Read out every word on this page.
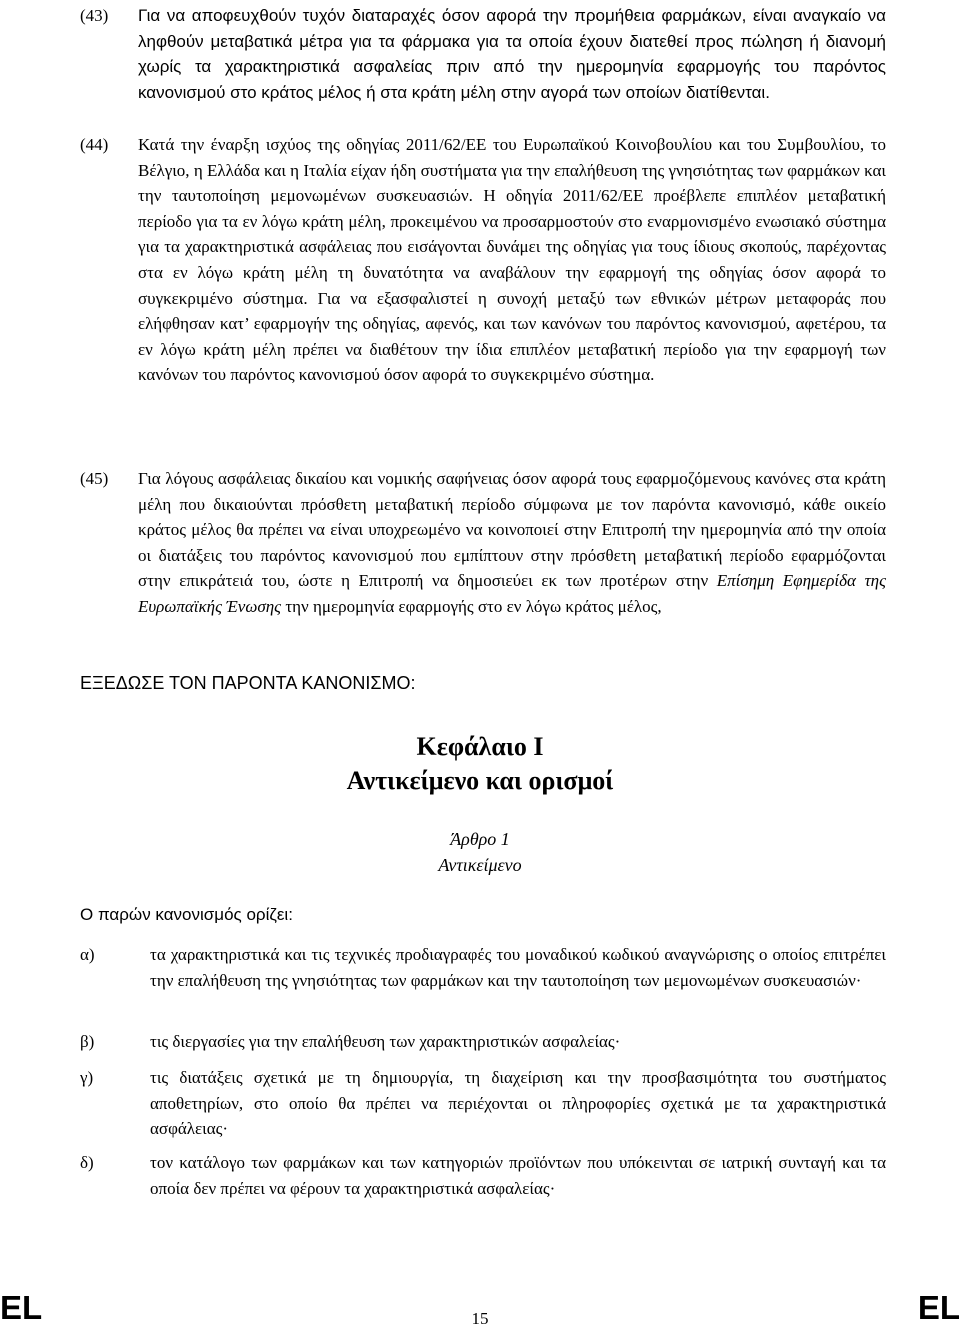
(43) Για να αποφευχθούν τυχόν διαταραχές όσον αφορά την προμήθεια φαρμάκων, είναι αναγκαίο να ληφθούν μεταβατικά μέτρα για τα φάρμακα για τα οποία έχουν διατεθεί προς πώληση ή διανομή χωρίς τα χαρακτηριστικά ασφαλείας πριν από την ημερομηνία εφαρμογής του παρόντος κανονισμού στο κράτος μέλος ή στα κράτη μέλη στην αγορά των οποίων διατίθενται.
(44) Κατά την έναρξη ισχύος της οδηγίας 2011/62/ΕΕ του Ευρωπαϊκού Κοινοβουλίου και του Συμβουλίου, το Βέλγιο, η Ελλάδα και η Ιταλία είχαν ήδη συστήματα για την επαλήθευση της γνησιότητας των φαρμάκων και την ταυτοποίηση μεμονωμένων συσκευασιών. Η οδηγία 2011/62/ΕΕ προέβλεπε επιπλέον μεταβατική περίοδο για τα εν λόγω κράτη μέλη, προκειμένου να προσαρμοστούν στο εναρμονισμένο ενωσιακό σύστημα για τα χαρακτηριστικά ασφάλειας που εισάγονται δυνάμει της οδηγίας για τους ίδιους σκοπούς, παρέχοντας στα εν λόγω κράτη μέλη τη δυνατότητα να αναβάλουν την εφαρμογή της οδηγίας όσον αφορά το συγκεκριμένο σύστημα. Για να εξασφαλιστεί η συνοχή μεταξύ των εθνικών μέτρων μεταφοράς που ελήφθησαν κατ’ εφαρμογήν της οδηγίας, αφενός, και των κανόνων του παρόντος κανονισμού, αφετέρου, τα εν λόγω κράτη μέλη πρέπει να διαθέτουν την ίδια επιπλέον μεταβατική περίοδο για την εφαρμογή των κανόνων του παρόντος κανονισμού όσον αφορά το συγκεκριμένο σύστημα.
(45) Για λόγους ασφάλειας δικαίου και νομικής σαφήνειας όσον αφορά τους εφαρμοζόμενους κανόνες στα κράτη μέλη που δικαιούνται πρόσθετη μεταβατική περίοδο σύμφωνα με τον παρόντα κανονισμό, κάθε οικείο κράτος μέλος θα πρέπει να είναι υποχρεωμένο να κοινοποιεί στην Επιτροπή την ημερομηνία από την οποία οι διατάξεις του παρόντος κανονισμού που εμπίπτουν στην πρόσθετη μεταβατική περίοδο εφαρμόζονται στην επικράτειά του, ώστε η Επιτροπή να δημοσιεύει εκ των προτέρων στην Επίσημη Εφημερίδα της Ευρωπαϊκής Ένωσης την ημερομηνία εφαρμογής στο εν λόγω κράτος μέλος,
ΕΞΕΔΩΣΕ ΤΟΝ ΠΑΡΟΝΤΑ ΚΑΝΟΝΙΣΜΟ:
Κεφάλαιο I
Αντικείμενο και ορισμοί
Άρθρο 1
Αντικείμενο
Ο παρών κανονισμός ορίζει:
α)	τα χαρακτηριστικά και τις τεχνικές προδιαγραφές του μοναδικού κωδικού αναγνώρισης ο οποίος επιτρέπει την επαλήθευση της γνησιότητας των φαρμάκων και την ταυτοποίηση των μεμονωμένων συσκευασιών·
β)	τις διεργασίες για την επαλήθευση των χαρακτηριστικών ασφαλείας·
γ)	τις διατάξεις σχετικά με τη δημιουργία, τη διαχείριση και την προσβασιμότητα του συστήματος αποθετηρίων, στο οποίο θα πρέπει να περιέχονται οι πληροφορίες σχετικά με τα χαρακτηριστικά ασφάλειας·
δ)	τον κατάλογο των φαρμάκων και των κατηγοριών προϊόντων που υπόκεινται σε ιατρική συνταγή και τα οποία δεν πρέπει να φέρουν τα χαρακτηριστικά ασφαλείας·
EL	15	EL
